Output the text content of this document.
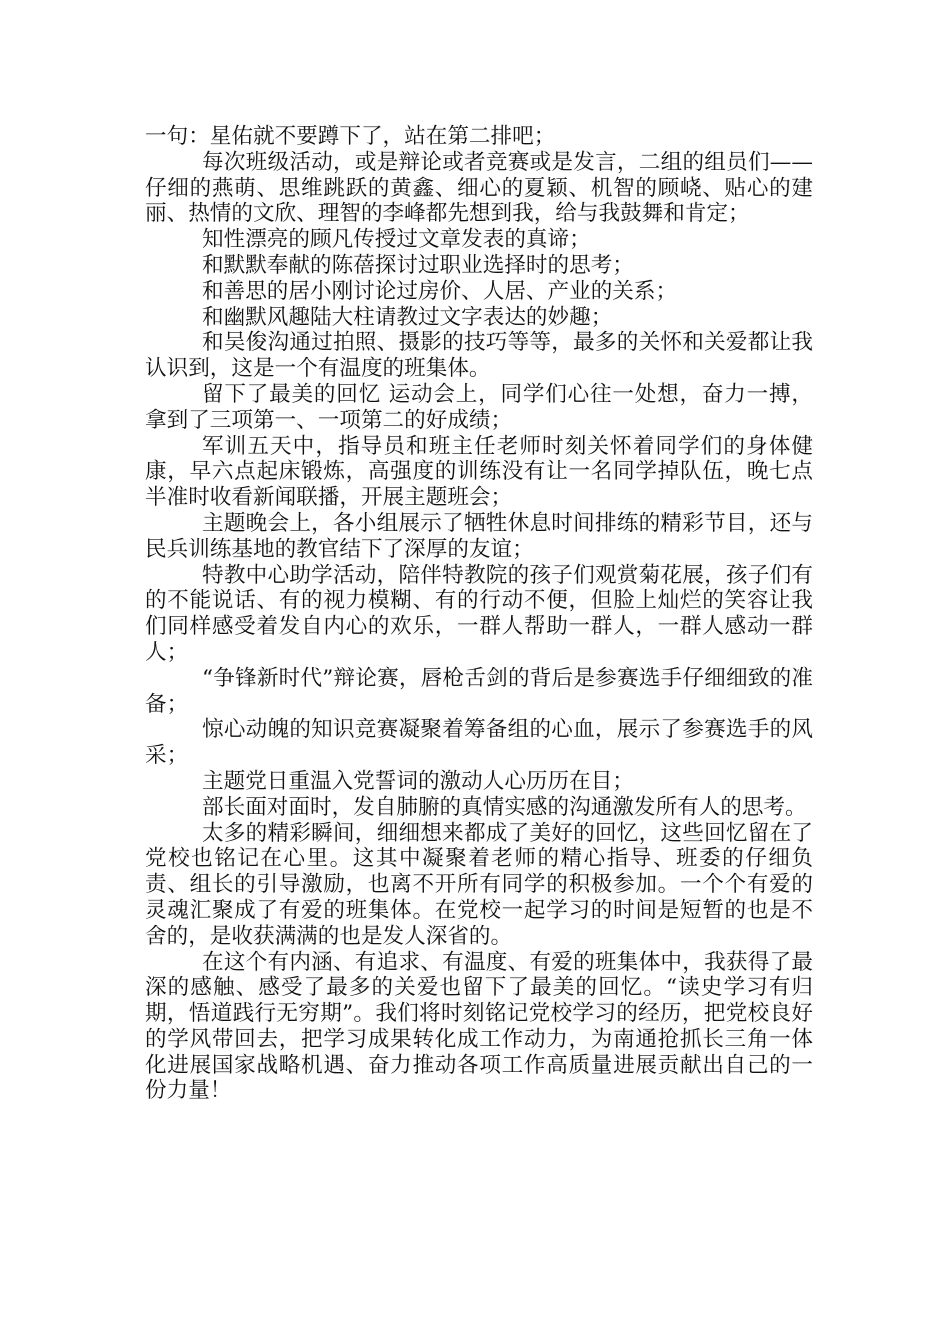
一句：星佑就不要蹲下了，站在第二排吧；

每次班级活动，或是辩论或者竞赛或是发言，二组的组员们——仔细的燕萌、思维跳跃的黄鑫、细心的夏颖、机智的顾峣、贴心的建丽、热情的文欣、理智的李峰都先想到我，给与我鼓舞和肯定；

知性漂亮的顾凡传授过文章发表的真谛；

和默默奉献的陈蓓探讨过职业选择时的思考；

和善思的居小刚讨论过房价、人居、产业的关系；

和幽默风趣陆大柱请教过文字表达的妙趣；

和吴俊沟通过拍照、摄影的技巧等等，最多的关怀和关爱都让我认识到，这是一个有温度的班集体。

留下了最美的回忆 运动会上，同学们心往一处想，奋力一搏，拿到了三项第一、一项第二的好成绩；

军训五天中，指导员和班主任老师时刻关怀着同学们的身体健康，早六点起床锻炼，高强度的训练没有让一名同学掉队伍，晚七点半准时收看新闻联播，开展主题班会；

主题晚会上，各小组展示了牺牲休息时间排练的精彩节目，还与民兵训练基地的教官结下了深厚的友谊；

特教中心助学活动，陪伴特教院的孩子们观赏菊花展，孩子们有的不能说话、有的视力模糊、有的行动不便，但脸上灿烂的笑容让我们同样感受着发自内心的欢乐，一群人帮助一群人，一群人感动一群人；

“争锋新时代”辩论赛，唇枪舌剑的背后是参赛选手仔细细致的准备；

惊心动魄的知识竞赛凝聚着筹备组的心血，展示了参赛选手的风采；

主题党日重温入党誓词的激动人心历历在目；

部长面对面时，发自肺腑的真情实感的沟通激发所有人的思考。

太多的精彩瞬间，细细想来都成了美好的回忆，这些回忆留在了党校也铭记在心里。这其中凝聚着老师的精心指导、班委的仔细负责、组长的引导激励，也离不开所有同学的积极参加。一个个有爱的灵魂汇聚成了有爱的班集体。在党校一起学习的时间是短暂的也是不舍的，是收获满满的也是发人深省的。

在这个有内涵、有追求、有温度、有爱的班集体中，我获得了最深的感触、感受了最多的关爱也留下了最美的回忆。“读史学习有归期，悟道践行无穷期”。我们将时刻铭记党校学习的经历，把党校良好的学风带回去，把学习成果转化成工作动力，为南通抢抓长三角一体化进展国家战略机遇、奋力推动各项工作高质量进展贡献出自己的一份力量！
